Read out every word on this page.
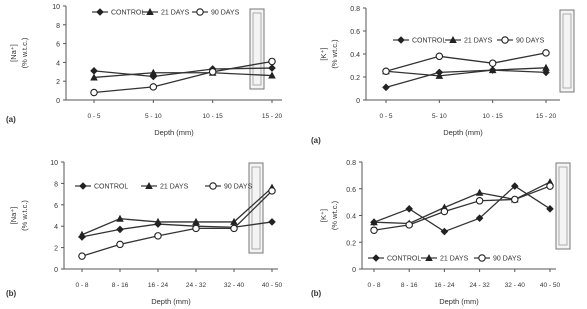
0
2
4
6
8
10
0 - 5	5 - 10	10 - 15	15 - 20
Depth (mm)
[Na⁺] (% w.t.c.)
(a)
CONTROL 21 DAYS	90 DAYS
0
0.2
0.4
0.6
0.8
0 - 5	5- 10	10 - 15	15 - 20
Depth (mm)
[K⁺] (% wt.c.)
(a)
CONTROL	21 DAYS	90 DAYS
0
2
4
6
8
10
0 - 8	8 - 16	16 - 24	24 - 32	32 - 40	40 - 50
Depth (mm)
[Na⁺] (% w.t.c.)
(b)
CONTROL	21 DAYS	90 DAYS
0
0.2
0.4
0.6
0.8
0 - 8	8 - 16	16 - 24 24 - 32 32 - 40 40 - 50
Depth (mm)
[K⁺] (% wt.c.)
(b)
CONTROL	21 DAYS	90 DAYS
